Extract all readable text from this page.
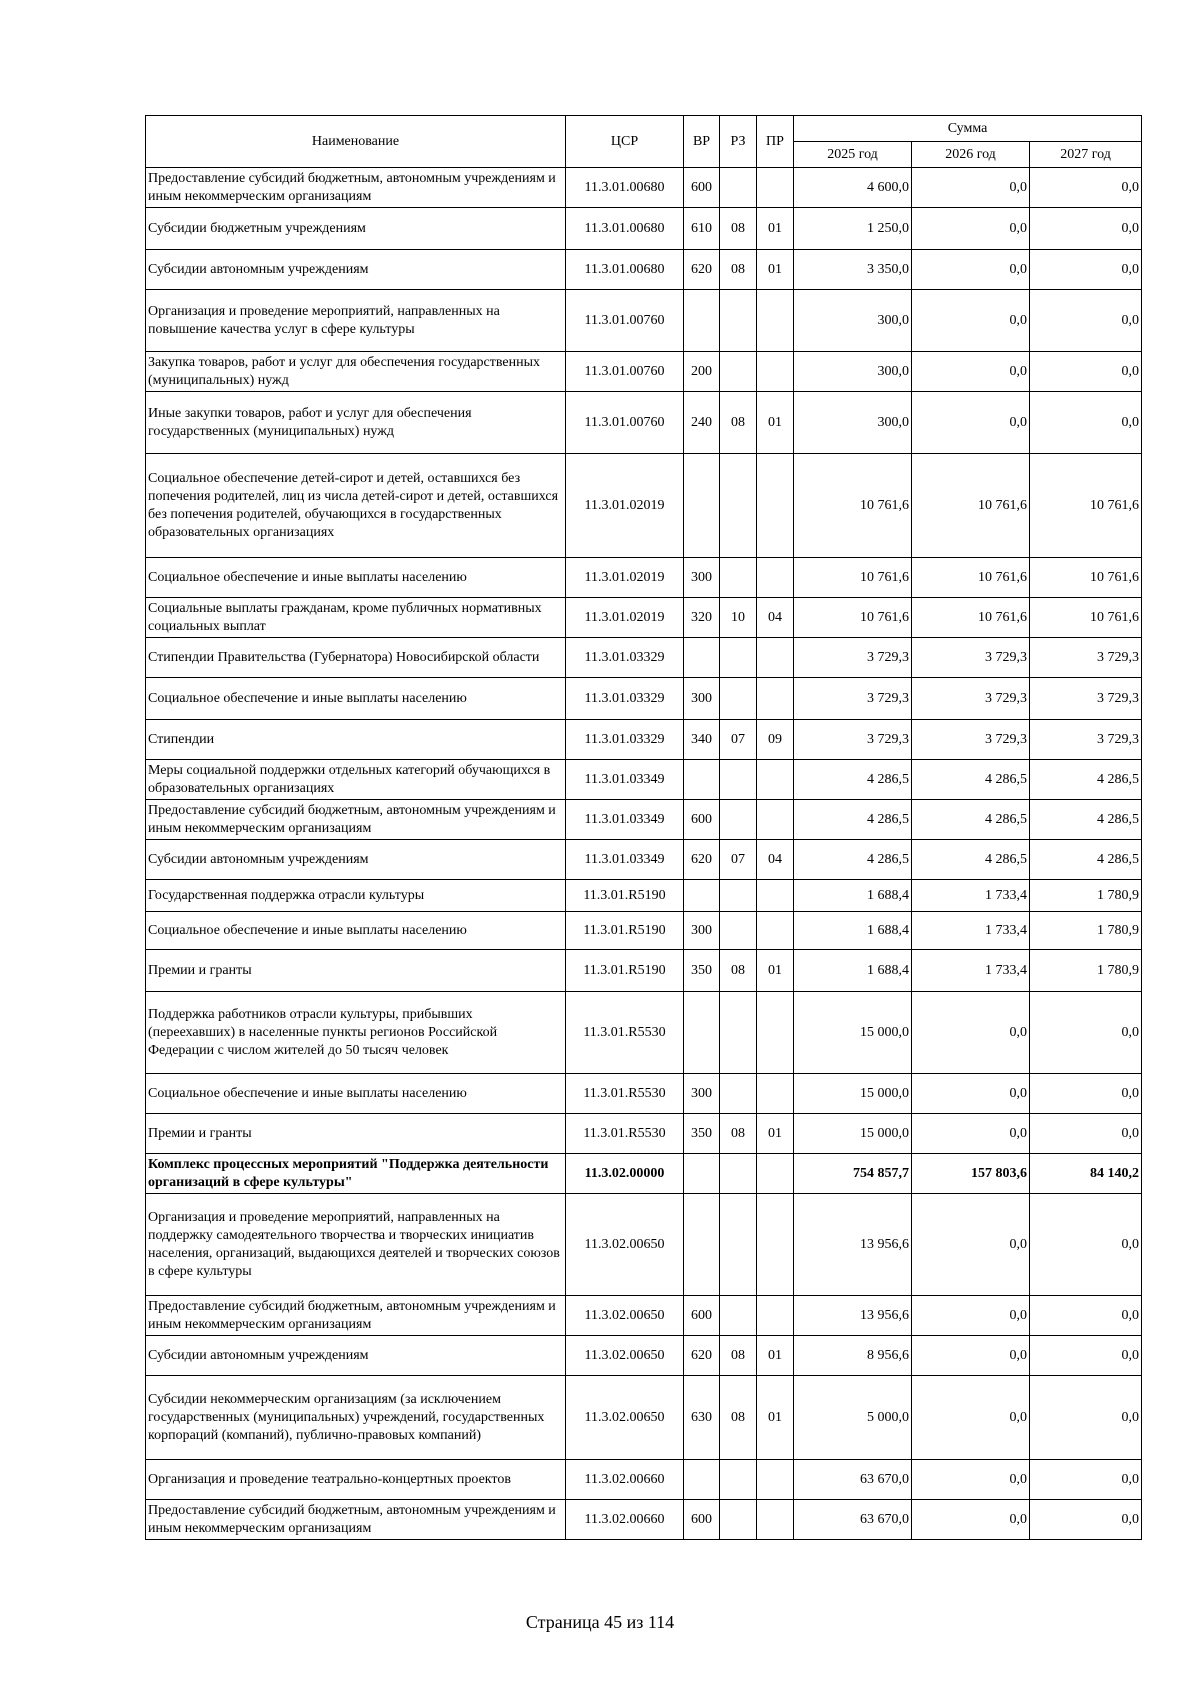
Наименование	ЦСР	ВР	РЗ	ПР	Сумма		
					2025 год	2026 год	2027 год
Предоставление субсидий бюджетным, автономным учреждениям и иным некоммерческим организациям	11.3.01.00680	600			4 600,0	0,0	0,0
Субсидии бюджетным учреждениям	11.3.01.00680	610	08	01	1 250,0	0,0	0,0
Субсидии автономным учреждениям	11.3.01.00680	620	08	01	3 350,0	0,0	0,0
Организация и проведение мероприятий, направленных на повышение качества услуг в сфере культуры	11.3.01.00760				300,0	0,0	0,0
Закупка товаров, работ и услуг для обеспечения государственных (муниципальных) нужд	11.3.01.00760	200			300,0	0,0	0,0
Иные закупки товаров, работ и услуг для обеспечения государственных (муниципальных) нужд	11.3.01.00760	240	08	01	300,0	0,0	0,0
Социальное обеспечение детей-сирот и детей, оставшихся без попечения родителей, лиц из числа детей-сирот и детей, оставшихся без попечения родителей, обучающихся в государственных образовательных организациях	11.3.01.02019				10 761,6	10 761,6	10 761,6
Социальное обеспечение и иные выплаты населению	11.3.01.02019	300			10 761,6	10 761,6	10 761,6
Социальные выплаты гражданам, кроме публичных нормативных социальных выплат	11.3.01.02019	320	10	04	10 761,6	10 761,6	10 761,6
Стипендии Правительства (Губернатора) Новосибирской области	11.3.01.03329				3 729,3	3 729,3	3 729,3
Социальное обеспечение и иные выплаты населению	11.3.01.03329	300			3 729,3	3 729,3	3 729,3
Стипендии	11.3.01.03329	340	07	09	3 729,3	3 729,3	3 729,3
Меры социальной поддержки отдельных категорий обучающихся в образовательных организациях	11.3.01.03349				4 286,5	4 286,5	4 286,5
Предоставление субсидий бюджетным, автономным учреждениям и иным некоммерческим организациям	11.3.01.03349	600			4 286,5	4 286,5	4 286,5
Субсидии автономным учреждениям	11.3.01.03349	620	07	04	4 286,5	4 286,5	4 286,5
Государственная поддержка отрасли культуры	11.3.01.R5190				1 688,4	1 733,4	1 780,9
Социальное обеспечение и иные выплаты населению	11.3.01.R5190	300			1 688,4	1 733,4	1 780,9
Премии и гранты	11.3.01.R5190	350	08	01	1 688,4	1 733,4	1 780,9
Поддержка работников отрасли культуры, прибывших (переехавших) в населенные пункты регионов Российской Федерации с числом жителей до 50 тысяч человек	11.3.01.R5530				15 000,0	0,0	0,0
Социальное обеспечение и иные выплаты населению	11.3.01.R5530	300			15 000,0	0,0	0,0
Премии и гранты	11.3.01.R5530	350	08	01	15 000,0	0,0	0,0
Комплекс процессных мероприятий "Поддержка деятельности организаций в сфере культуры"	11.3.02.00000				754 857,7	157 803,6	84 140,2
Организация и проведение мероприятий, направленных на поддержку самодеятельного творчества и творческих инициатив населения, организаций, выдающихся деятелей и творческих союзов в сфере культуры	11.3.02.00650				13 956,6	0,0	0,0
Предоставление субсидий бюджетным, автономным учреждениям и иным некоммерческим организациям	11.3.02.00650	600			13 956,6	0,0	0,0
Субсидии автономным учреждениям	11.3.02.00650	620	08	01	8 956,6	0,0	0,0
Субсидии некоммерческим организациям (за исключением государственных (муниципальных) учреждений, государственных корпораций (компаний), публично-правовых компаний)	11.3.02.00650	630	08	01	5 000,0	0,0	0,0
Организация и проведение театрально-концертных проектов	11.3.02.00660				63 670,0	0,0	0,0
Предоставление субсидий бюджетным, автономным учреждениям и иным некоммерческим организациям	11.3.02.00660	600			63 670,0	0,0	0,0
Страница 45 из 114
